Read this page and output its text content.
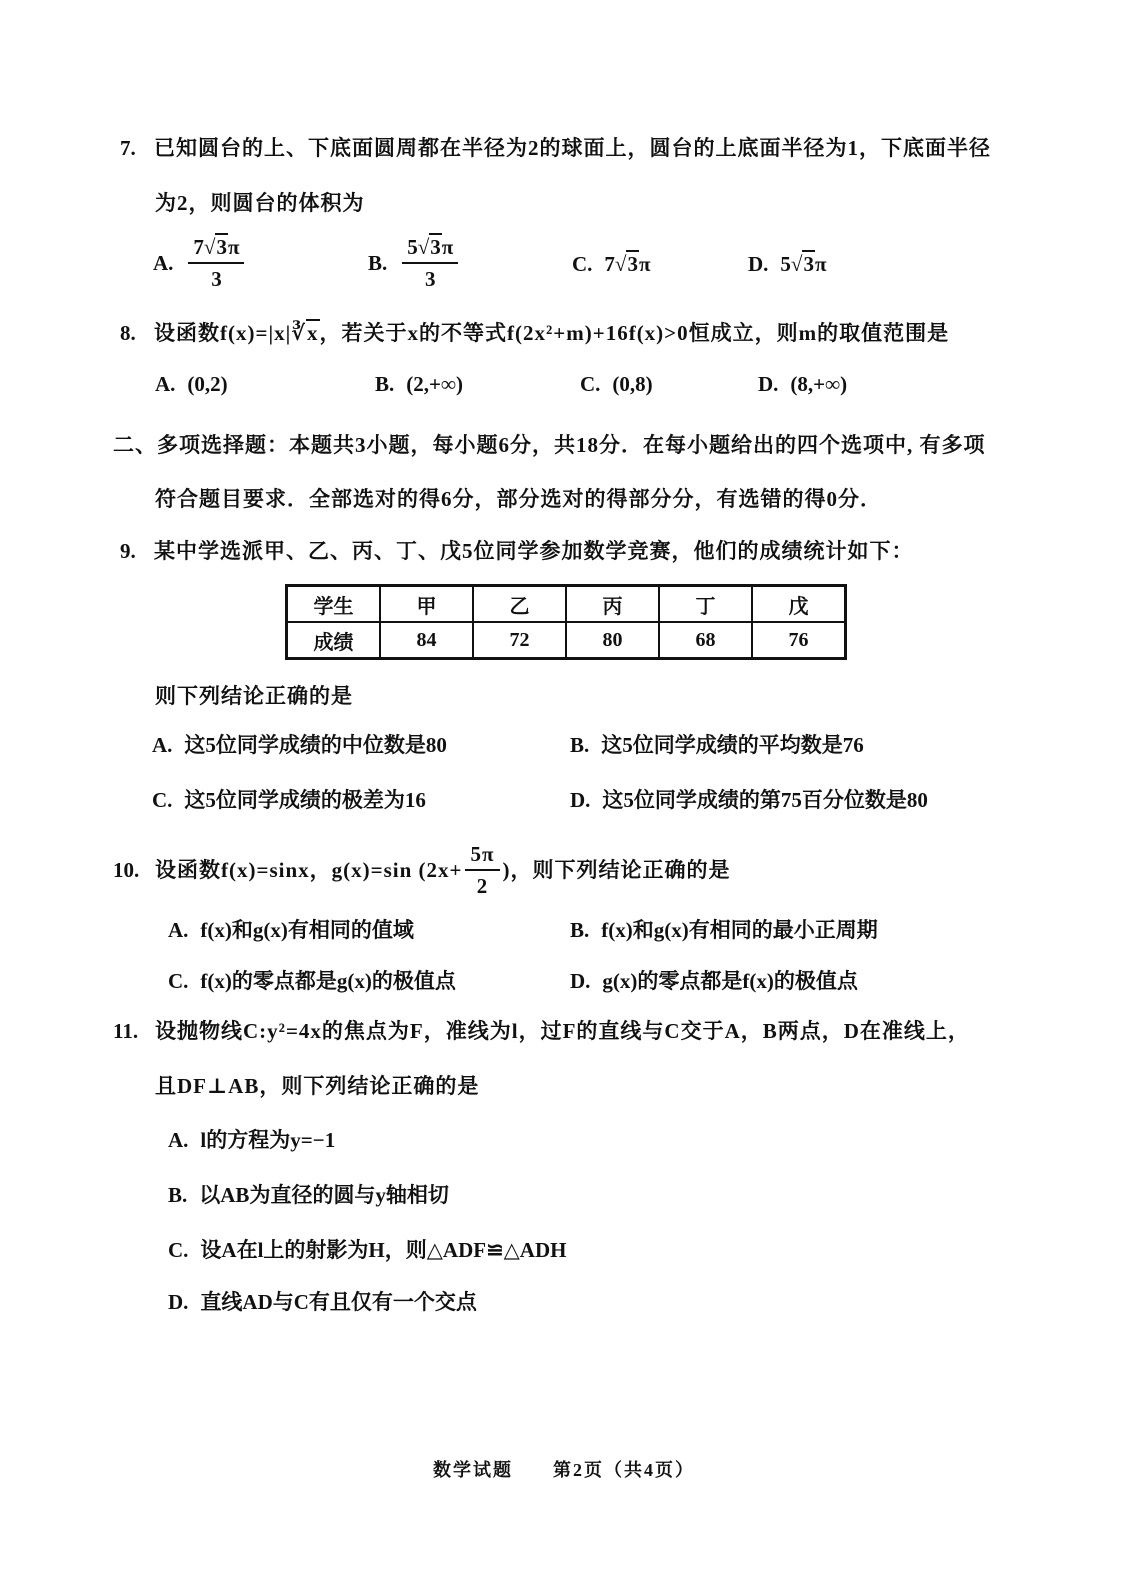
7. 已知圆台的上、下底面圆周都在半径为2的球面上，圆台的上底面半径为1，下底面半径
为2，则圆台的体积为
A. $\frac{7√3\pi}{3}$	B. $\frac{5√3\pi}{3}$	C. 7√3π	D. 5√3π
8. 设函数f(x)=|x|∛x，若关于x的不等式f(2x²+m)+16f(x)>0恒成立，则m的取值范围是
A. (0,2)	B. (2,+∞)	C. (0,8)	D. (8,+∞)
二、多项选择题：本题共3小题，每小题6分，共18分．在每小题给出的四个选项中, 有多项
符合题目要求．全部选对的得6分，部分选对的得部分分，有选错的得0分．
9. 某中学选派甲、乙、丙、丁、戊5位同学参加数学竞赛，他们的成绩统计如下：
学生	甲	乙	丙	丁	戊
成绩	84	72	80	68	76
则下列结论正确的是
A. 这5位同学成绩的中位数是80	B. 这5位同学成绩的平均数是76
C. 这5位同学成绩的极差为16	D. 这5位同学成绩的第75百分位数是80
10. 设函数f(x)=sinx，g(x)=sin ($2x+ \frac{5\pi}{2}$ )，则下列结论正确的是
A. f(x)和g(x)有相同的值域	B. f(x)和g(x)有相同的最小正周期
C. f(x)的零点都是g(x)的极值点	D. g(x)的零点都是f(x)的极值点
11. 设抛物线C:y²=4x的焦点为F，准线为l，过F的直线与C交于A，B两点，D在准线上，
且DF⊥AB，则下列结论正确的是
A. l的方程为y=−1
B. 以AB为直径的圆与y轴相切
C. 设A在l上的射影为H，则△ADF≌△ADH
D. 直线AD与C有且仅有一个交点
数学试题　　第2页（共4页）
